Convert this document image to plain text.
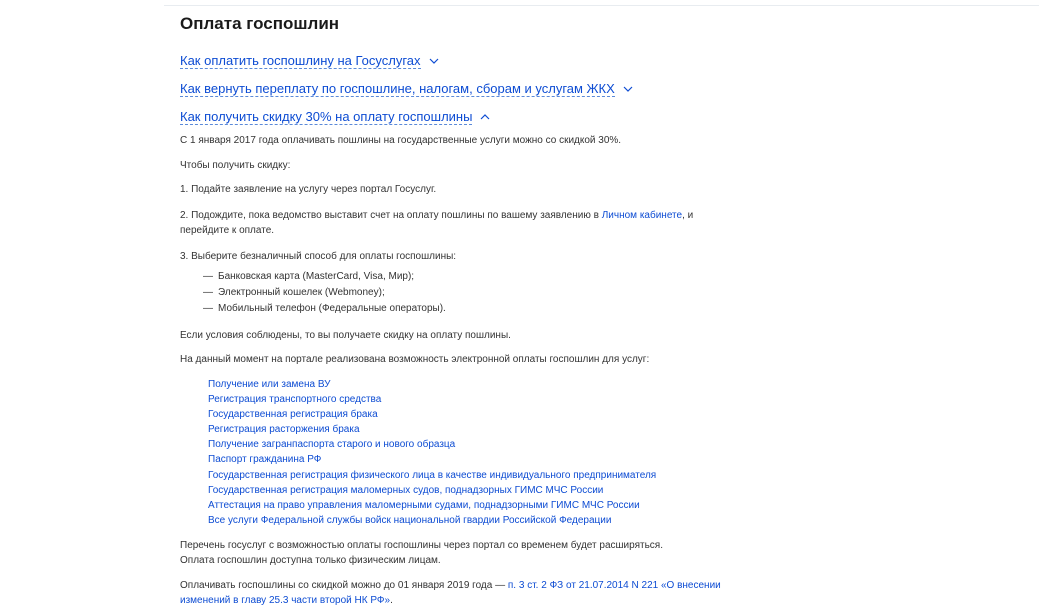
Оплата госпошлин
Как оплатить госпошлину на Госуслугах
Как вернуть переплату по госпошлине, налогам, сборам и услугам ЖКХ
Как получить скидку 30% на оплату госпошлины

С 1 января 2017 года оплачивать пошлины на государственные услуги можно со скидкой 30%.

Чтобы получить скидку:

1. Подайте заявление на услугу через портал Госуслуг.

2. Подождите, пока ведомство выставит счет на оплату пошлины по вашему заявлению в Личном кабинете, и перейдите к оплате.

3. Выберите безналичный способ для оплаты госпошлины:

— Банковская карта (MasterCard, Visa, Мир);
— Электронный кошелек (Webmoney);
— Мобильный телефон (Федеральные операторы).

Если условия соблюдены, то вы получаете скидку на оплату пошлины.

На данный момент на портале реализована возможность электронной оплаты госпошлин для услуг:

Получение или замена ВУ
Регистрация транспортного средства
Государственная регистрация брака
Регистрация расторжения брака
Получение загранпаспорта старого и нового образца
Паспорт гражданина РФ
Государственная регистрация физического лица в качестве индивидуального предпринимателя
Государственная регистрация маломерных судов, поднадзорных ГИМС МЧС России
Аттестация на право управления маломерными судами, поднадзорными ГИМС МЧС России
Все услуги Федеральной службы войск национальной гвардии Российской Федерации

Перечень госуслуг с возможностью оплаты госпошлины через портал со временем будет расширяться.

Оплата госпошлин доступна только физическим лицам.

Оплачивать госпошлины со скидкой можно до 01 января 2019 года — п. 3 ст. 2 ФЗ от 21.07.2014 N 221 «О внесении изменений в главу 25.3 части второй НК РФ».
